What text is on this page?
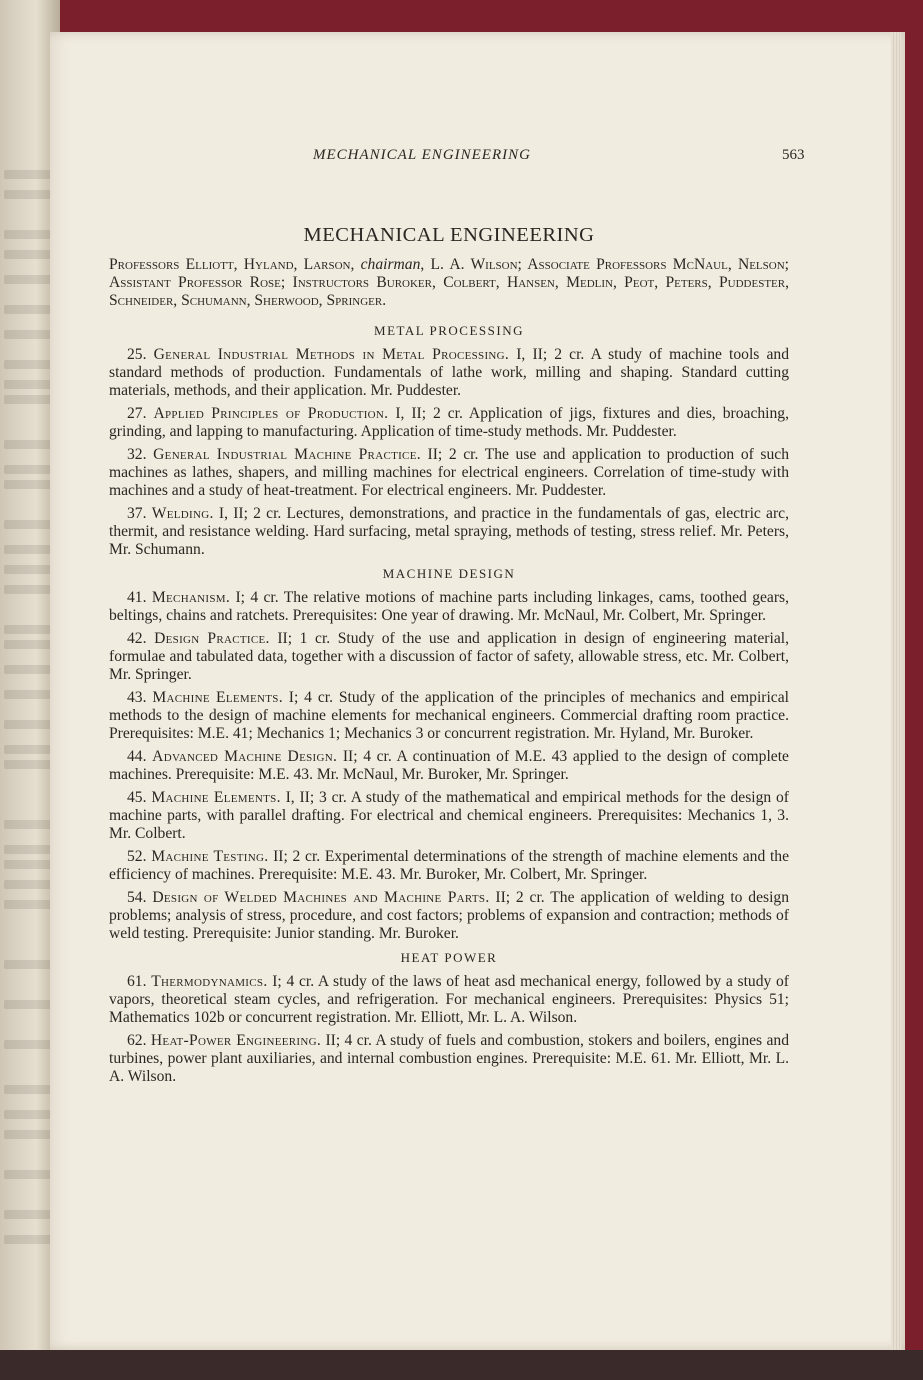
MECHANICAL ENGINEERING	563
MECHANICAL ENGINEERING

Professors Elliott, Hyland, Larson, chairman, L. A. Wilson; Associate Professors McNaul, Nelson; Assistant Professor Rose; Instructors Buroker, Colbert, Hansen, Medlin, Peot, Peters, Puddester, Schneider, Schumann, Sherwood, Springer.

METAL PROCESSING

25. General Industrial Methods in Metal Processing. I, II; 2 cr. A study of machine tools and standard methods of production. Fundamentals of lathe work, milling and shaping. Standard cutting materials, methods, and their application. Mr. Puddester.

27. Applied Principles of Production. I, II; 2 cr. Application of jigs, fixtures and dies, broaching, grinding, and lapping to manufacturing. Application of time-study methods. Mr. Puddester.

32. General Industrial Machine Practice. II; 2 cr. The use and application to production of such machines as lathes, shapers, and milling machines for electrical engineers. Correlation of time-study with machines and a study of heat-treatment. For electrical engineers. Mr. Puddester.

37. Welding. I, II; 2 cr. Lectures, demonstrations, and practice in the fundamentals of gas, electric arc, thermit, and resistance welding. Hard surfacing, metal spraying, methods of testing, stress relief. Mr. Peters, Mr. Schumann.

MACHINE DESIGN

41. Mechanism. I; 4 cr. The relative motions of machine parts including linkages, cams, toothed gears, beltings, chains and ratchets. Prerequisites: One year of drawing. Mr. McNaul, Mr. Colbert, Mr. Springer.

42. Design Practice. II; 1 cr. Study of the use and application in design of engineering material, formulae and tabulated data, together with a discussion of factor of safety, allowable stress, etc. Mr. Colbert, Mr. Springer.

43. Machine Elements. I; 4 cr. Study of the application of the principles of mechanics and empirical methods to the design of machine elements for mechanical engineers. Commercial drafting room practice. Prerequisites: M.E. 41; Mechanics 1; Mechanics 3 or concurrent registration. Mr. Hyland, Mr. Buroker.

44. Advanced Machine Design. II; 4 cr. A continuation of M.E. 43 applied to the design of complete machines. Prerequisite: M.E. 43. Mr. McNaul, Mr. Buroker, Mr. Springer.

45. Machine Elements. I, II; 3 cr. A study of the mathematical and empirical methods for the design of machine parts, with parallel drafting. For electrical and chemical engineers. Prerequisites: Mechanics 1, 3. Mr. Colbert.

52. Machine Testing. II; 2 cr. Experimental determinations of the strength of machine elements and the efficiency of machines. Prerequisite: M.E. 43. Mr. Buroker, Mr. Colbert, Mr. Springer.

54. Design of Welded Machines and Machine Parts. II; 2 cr. The application of welding to design problems; analysis of stress, procedure, and cost factors; problems of expansion and contraction; methods of weld testing. Prerequisite: Junior standing. Mr. Buroker.

HEAT POWER

61. Thermodynamics. I; 4 cr. A study of the laws of heat asd mechanical energy, followed by a study of vapors, theoretical steam cycles, and refrigeration. For mechanical engineers. Prerequisites: Physics 51; Mathematics 102b or concurrent registration. Mr. Elliott, Mr. L. A. Wilson.

62. Heat-Power Engineering. II; 4 cr. A study of fuels and combustion, stokers and boilers, engines and turbines, power plant auxiliaries, and internal combustion engines. Prerequisite: M.E. 61. Mr. Elliott, Mr. L. A. Wilson.
